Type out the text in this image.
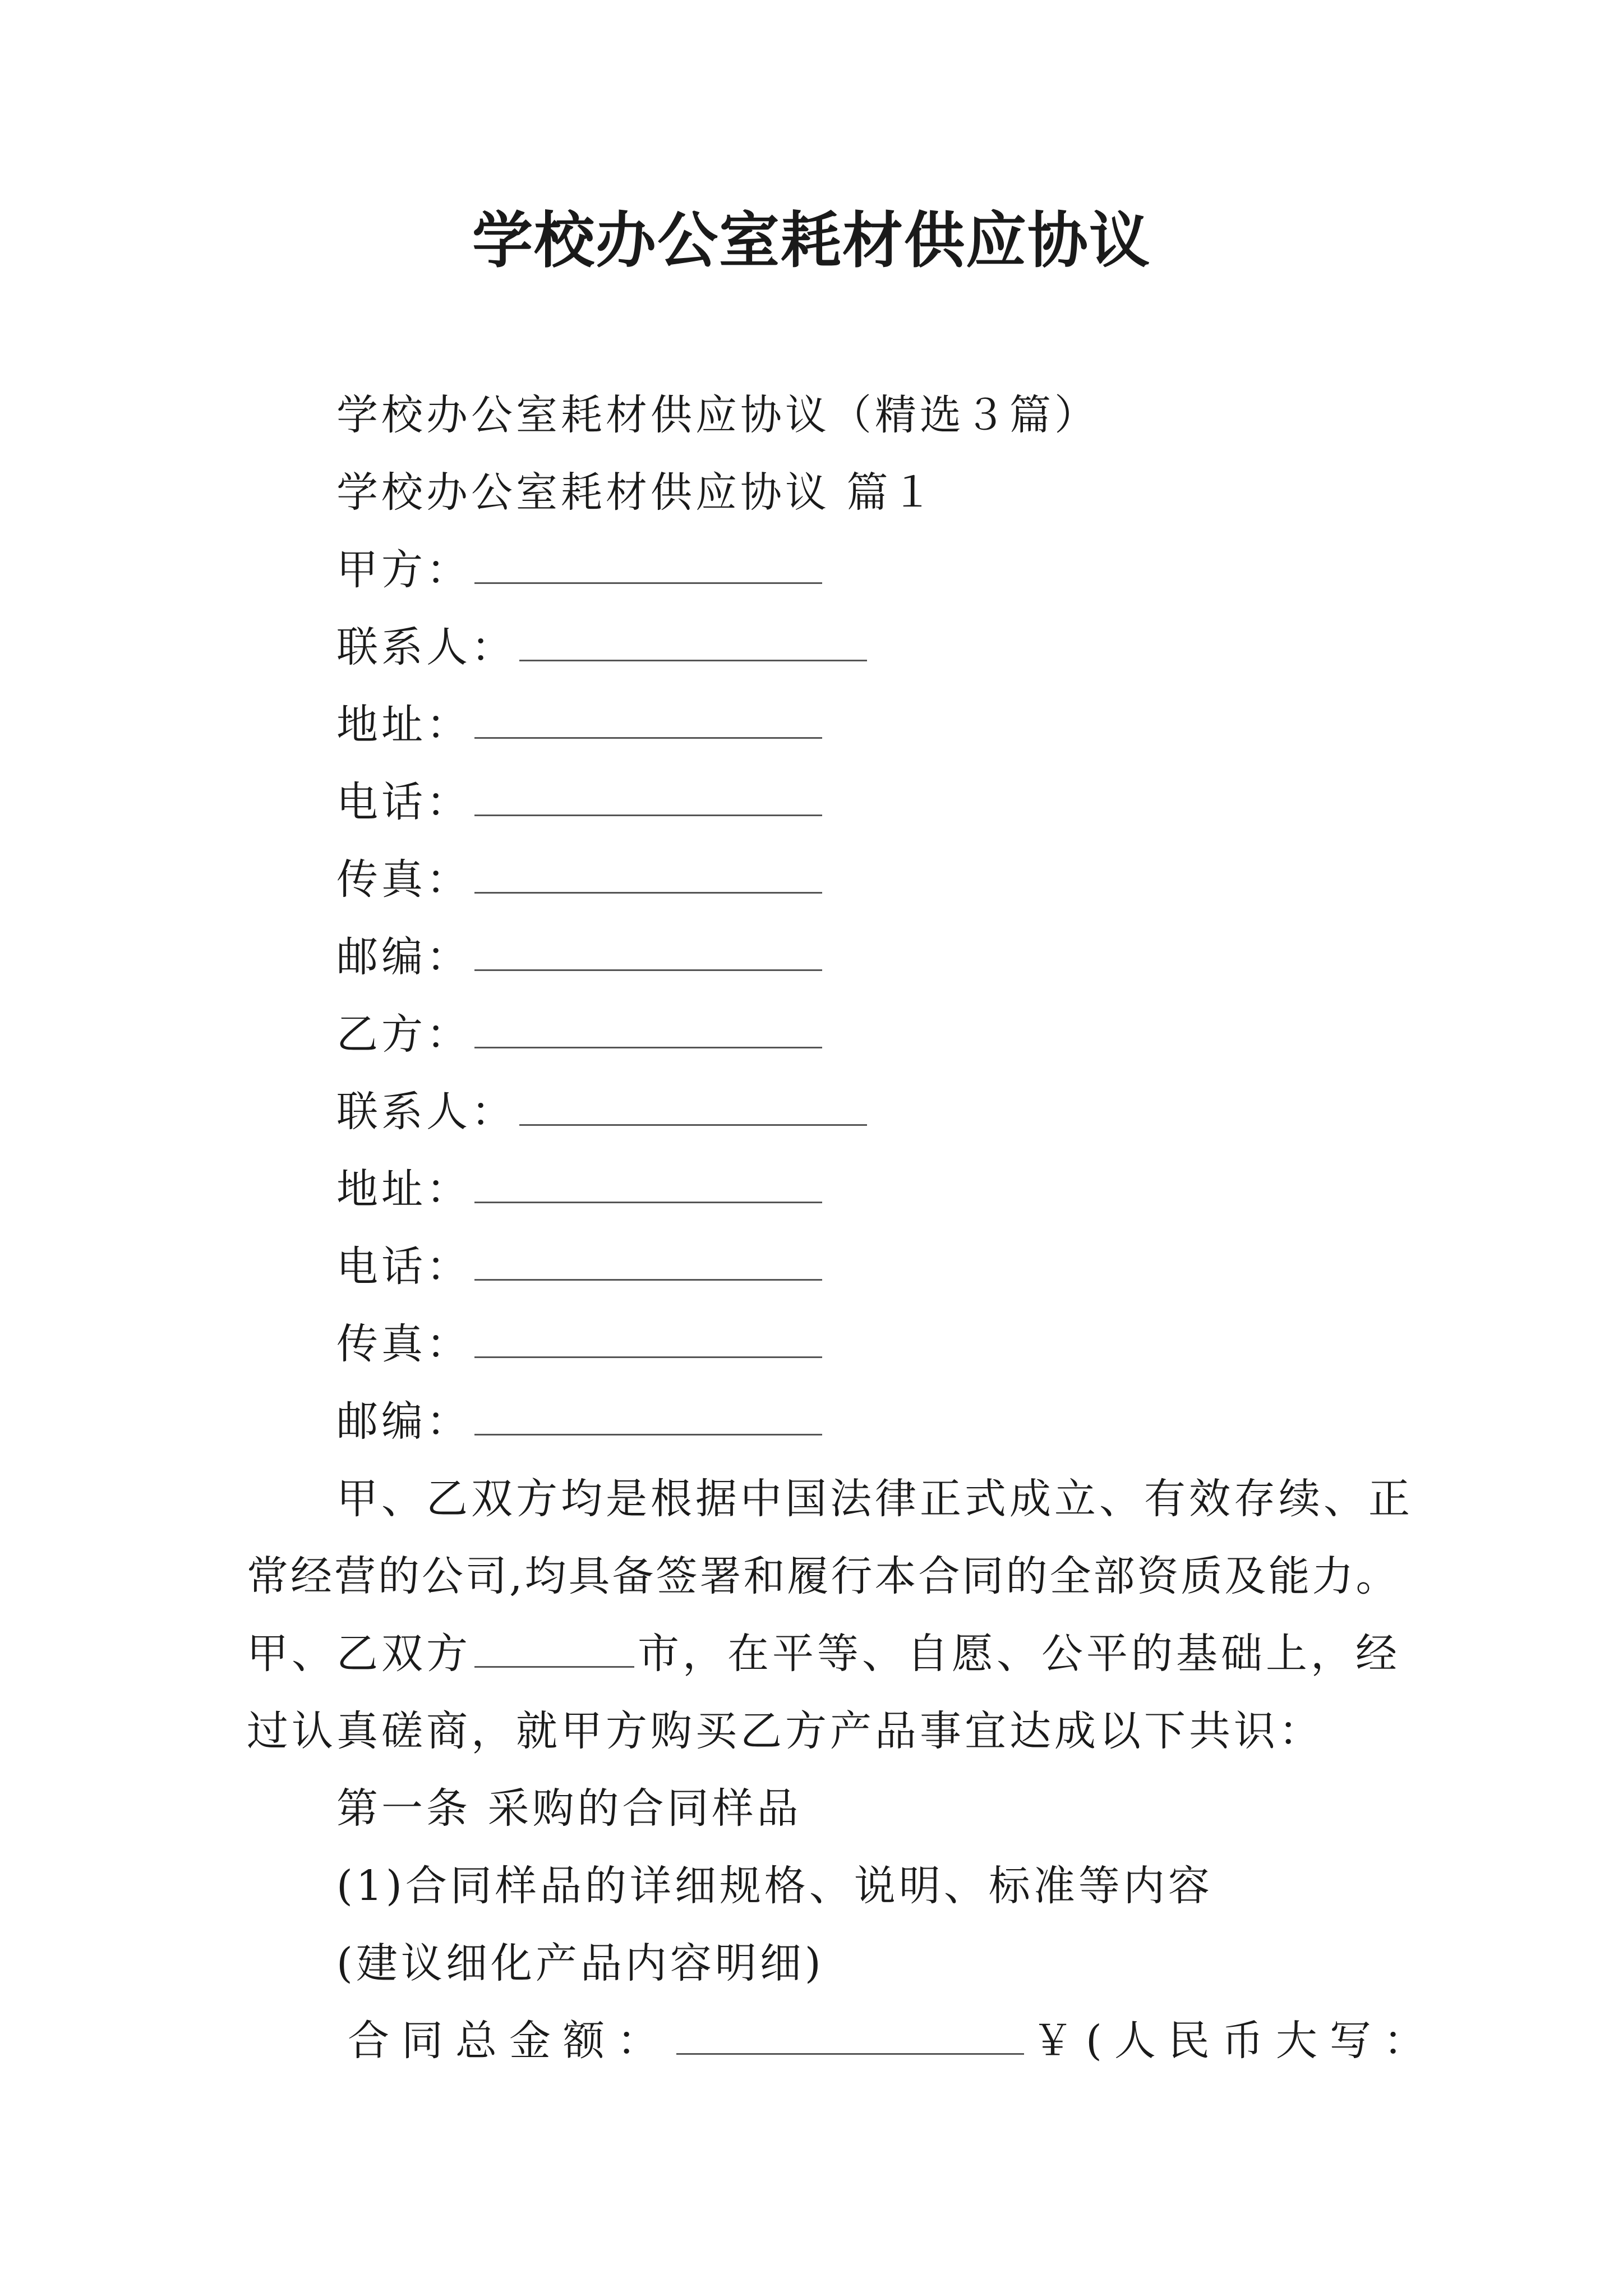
学校办公室耗材供应协议
学校办公室耗材供应协议（精选３篇）
学校办公室耗材供应协议 篇１
甲方：
联系人：
地址：
电话：
传真：
邮编：
乙方：
联系人：
地址：
电话：
传真：
邮编：
甲、乙双方均是根据中国法律正式成立、有效存续、正
常经营的公司,均具备签署和履行本合同的全部资质及能力。
甲、乙双方	市，在平等、自愿、公平的基础上，经
过认真磋商，就甲方购买乙方产品事宜达成以下共识：
第一条 采购的合同样品
(1)合同样品的详细规格、说明、标准等内容
(建议细化产品内容明细)
合同总金额：	￥(人民币大写：
